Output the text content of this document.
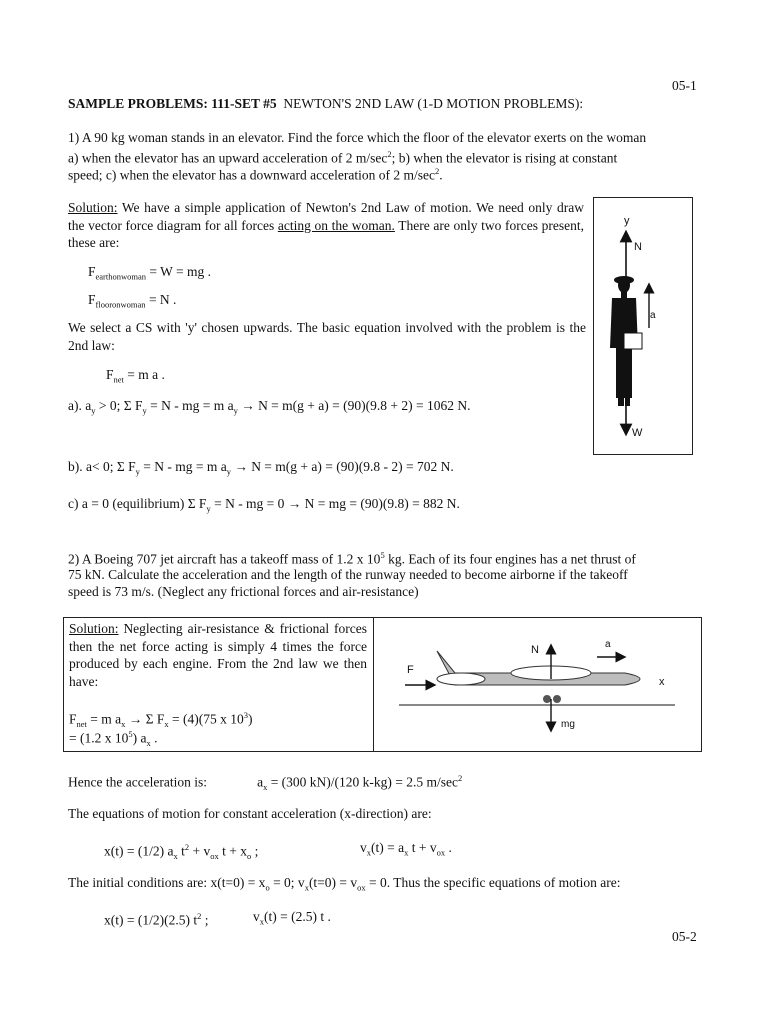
05-1
SAMPLE PROBLEMS: 111-SET #5 NEWTON'S 2ND LAW (1-D MOTION PROBLEMS):
1) A 90 kg woman stands in an elevator. Find the force which the floor of the elevator exerts on the woman
a) when the elevator has an upward acceleration of 2 $m/\sec^2$; b) when the elevator is rising at constant
speed; c) when the elevator has a downward acceleration of 2 $m/\sec^2$.
Solution: We have a simple application of Newton's 2nd Law of motion. We need only draw the vector force diagram for all forces acting on the woman. There are only two forces present, these are:
$F_{earthonwoman} = W$ = mg .
$F_{flooronwoman} = N$ .
We select a CS with 'y' chosen upwards. The basic equation involved with the problem is the 2nd law:
$F_{net} = m$ a .
a). $a_y > 0$; Σ $F_y = N$ - mg = m $a_y \to N = m(g + a) = (90)(9.8 + 2) = 1062$ N.
b). a< 0; Σ $F_y = N$ - mg = m $a_y \to N = m(g + a) = (90)(9.8 - 2) = 702$ N.
c) a = 0 (equilibrium) Σ $F_y = N$ - mg = 0 → N = mg = (90)(9.8) = 882 N.
y
N
a
W
2) A Boeing 707 jet aircraft has a takeoff mass of 1.2 x $10^5$ kg. Each of its four engines has a net thrust of
75 kN. Calculate the acceleration and the length of the runway needed to become airborne if the takeoff
speed is 73 m/s. (Neglect any frictional forces and air-resistance)
Solution: Neglecting air-resistance & frictional forces then the net force acting is simply 4 times the force produced by each engine. From the 2nd law we then have:
$F_{net} = m$ $a_x \to \Sigma$ $F_x = (4)(75$ x $10^3$)
= (1.2 x $10^5$) $a_x$ .
F
N
mg
a
x
Hence the acceleration is:	$a_x = (300$ kN)/(120 k-kg) = 2.5 $m/\sec^2$
The equations of motion for constant acceleration (x-direction) are:
x(t) = (1/2) $a_x$ $t^2 + v_{ox}$ $t + x_o$ ;	$v_x(t) = a_x$ $t + v_{ox}$ .
The initial conditions are: $x(t=0) = x_o = 0$; $v_x(t=0) = v_{ox} = 0$. Thus the specific equations of motion are:
x(t) = (1/2)(2.5) $t^2$ ;	$v_x(t) = (2.5)$ t .
05-2
